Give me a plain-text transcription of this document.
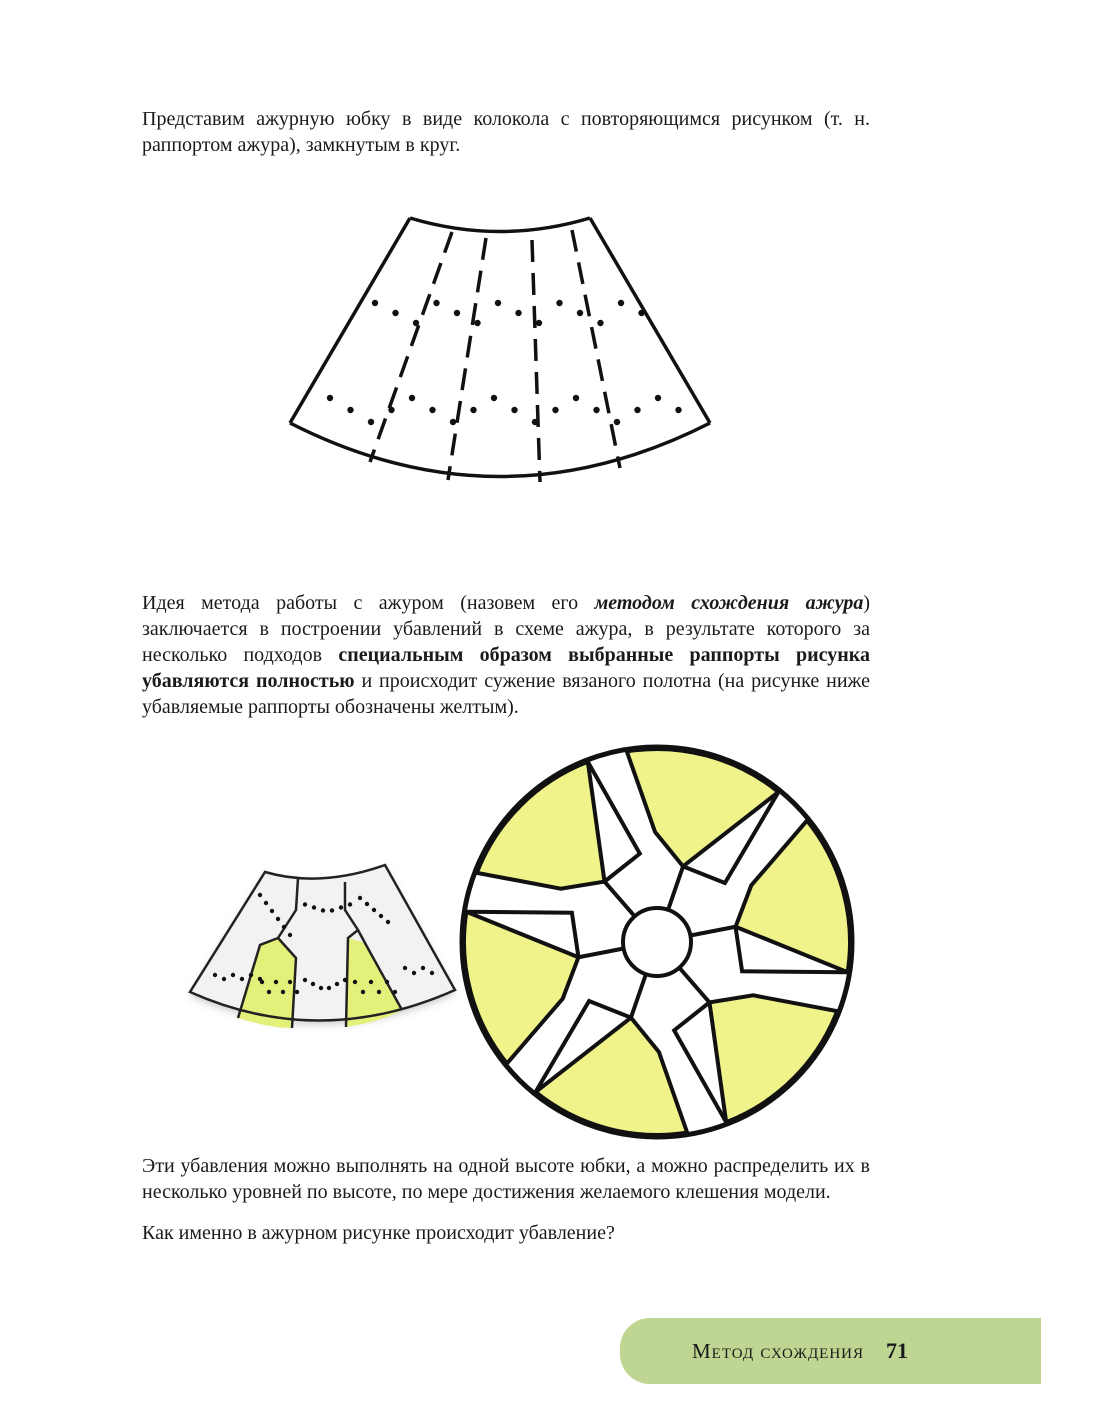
Представим ажурную юбку в виде колокола с повторяющимся рисунком (т. н. раппортом ажура), замкнутым в круг.

Идея метода работы с ажуром (назовем его методом схождения ажура) заключается в построении убавлений в схеме ажура, в результате которого за несколько подходов специальным образом выбранные раппорты рисунка убавляются полностью и происходит сужение вязаного полотна (на рисунке ниже убавляемые раппорты обозначены желтым).

Эти убавления можно выполнять на одной высоте юбки, а можно распределить их в несколько уровней по высоте, по мере достижения желаемого клешения модели.

Как именно в ажурном рисунке происходит убавление?

Метод схождения 71
